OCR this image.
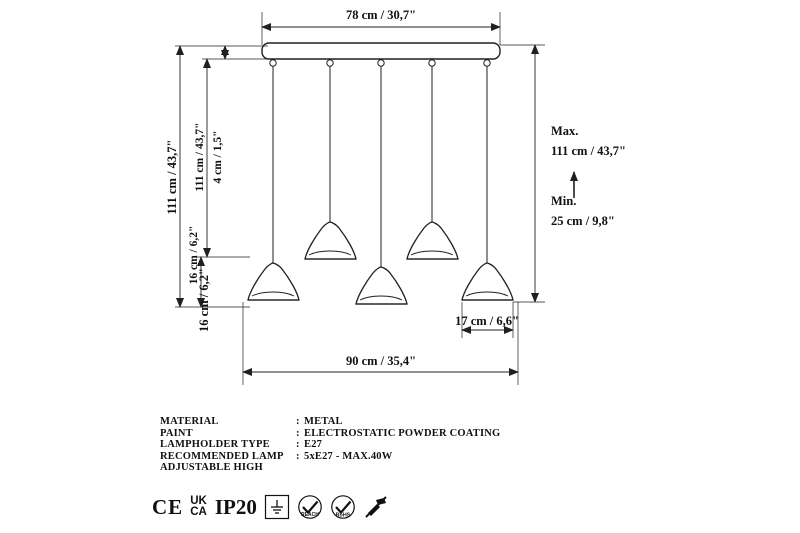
78 cm / 30,7"
90 cm / 35,4"
111 cm / 43,7" 111 cm / 43,7" 4 cm / 1,5"
16 cm / 6,2"
16 cm / 6,2"	17 cm / 6,6"
Max.
111 cm / 43,7"
Min.
25 cm / 9,8"
MATERIAL	:	METAL
PAINT	:	ELECTROSTATIC POWDER COATING
LAMPHOLDER TYPE	:	E27
RECOMMENDED LAMP	:	5xE27 - MAX.40W
ADJUSTABLE HIGH		
CE UK
CA IP20	REACH	RoHS
